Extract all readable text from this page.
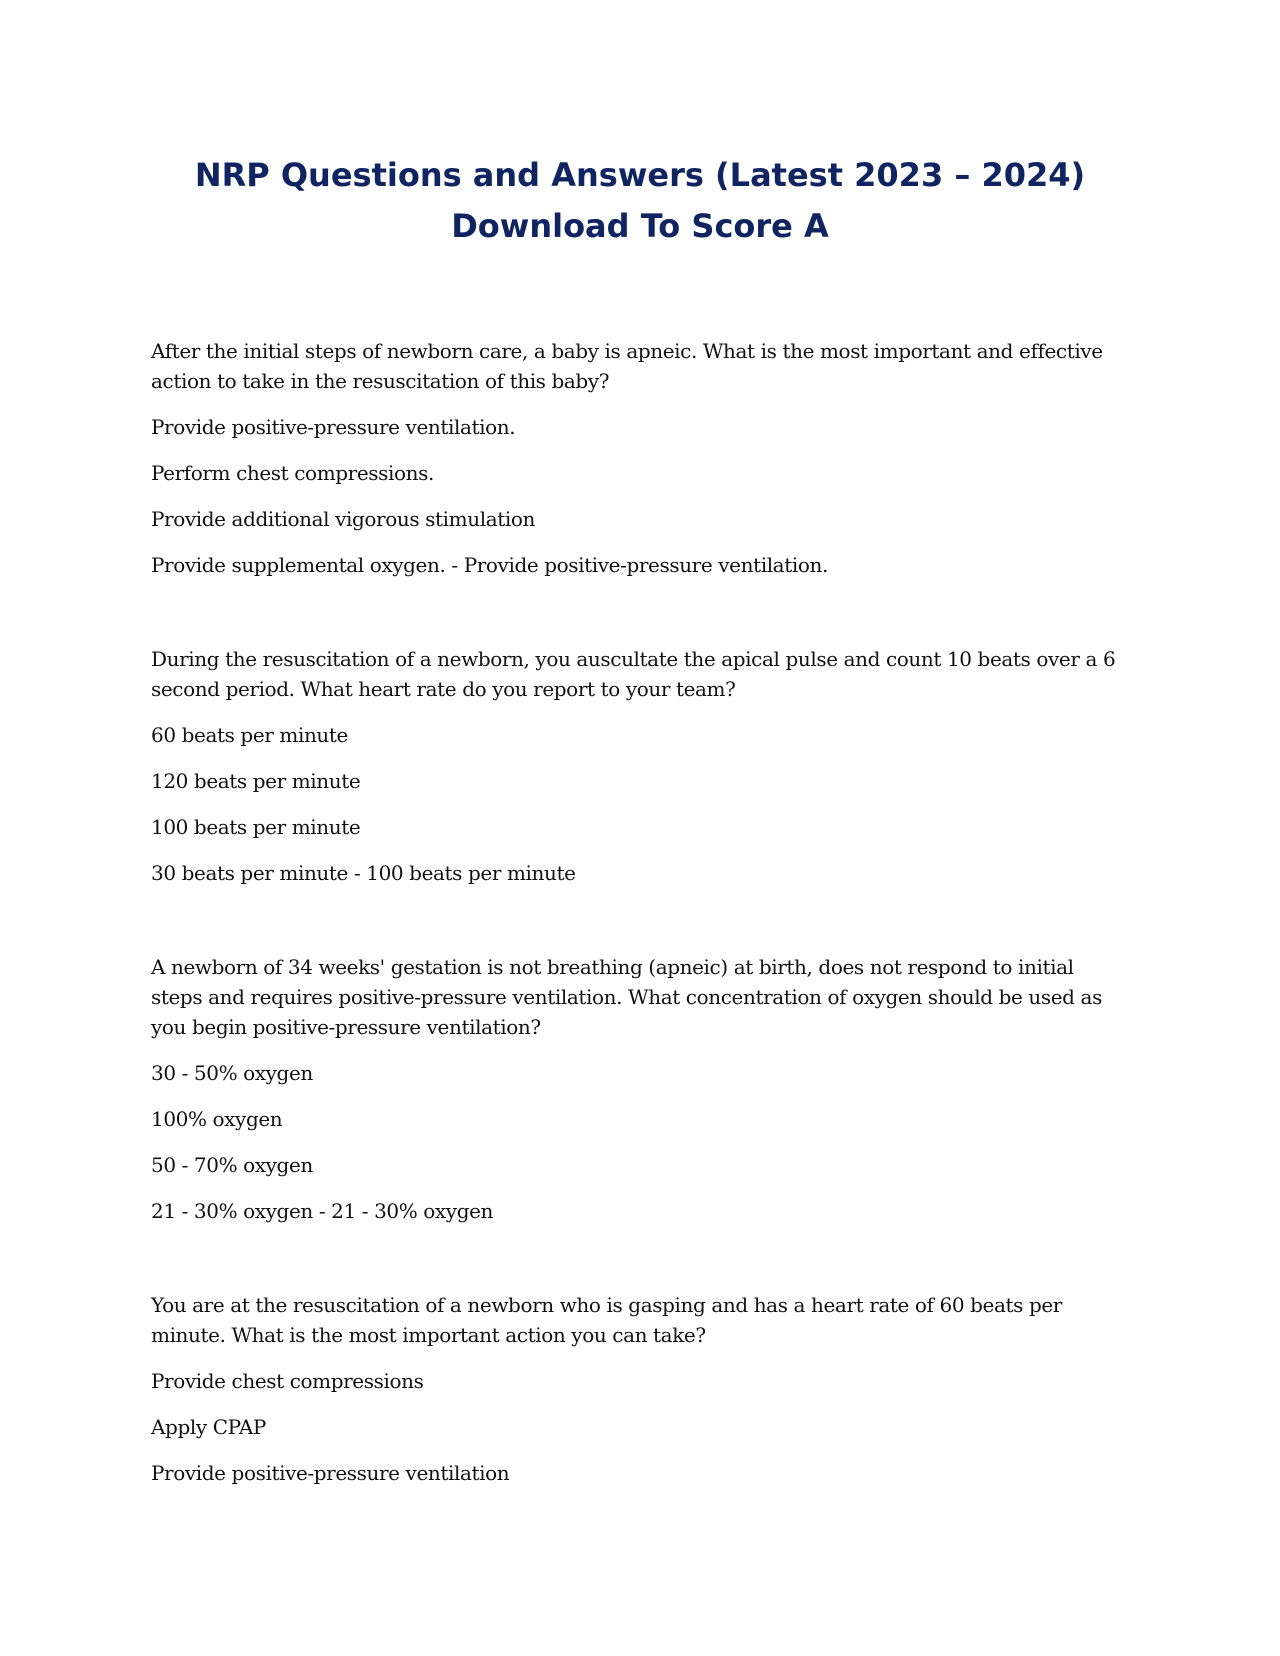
NRP Questions and Answers (Latest 2023 – 2024)
Download To Score A

After the initial steps of newborn care, a baby is apneic. What is the most important and effective action to take in the resuscitation of this baby?

Provide positive-pressure ventilation.

Perform chest compressions.

Provide additional vigorous stimulation

Provide supplemental oxygen. - Provide positive-pressure ventilation.

During the resuscitation of a newborn, you auscultate the apical pulse and count 10 beats over a 6 second period. What heart rate do you report to your team?

60 beats per minute

120 beats per minute

100 beats per minute

30 beats per minute - 100 beats per minute

A newborn of 34 weeks' gestation is not breathing (apneic) at birth, does not respond to initial steps and requires positive-pressure ventilation. What concentration of oxygen should be used as you begin positive-pressure ventilation?

30 - 50% oxygen

100% oxygen

50 - 70% oxygen

21 - 30% oxygen - 21 - 30% oxygen

You are at the resuscitation of a newborn who is gasping and has a heart rate of 60 beats per minute. What is the most important action you can take?

Provide chest compressions

Apply CPAP

Provide positive-pressure ventilation
